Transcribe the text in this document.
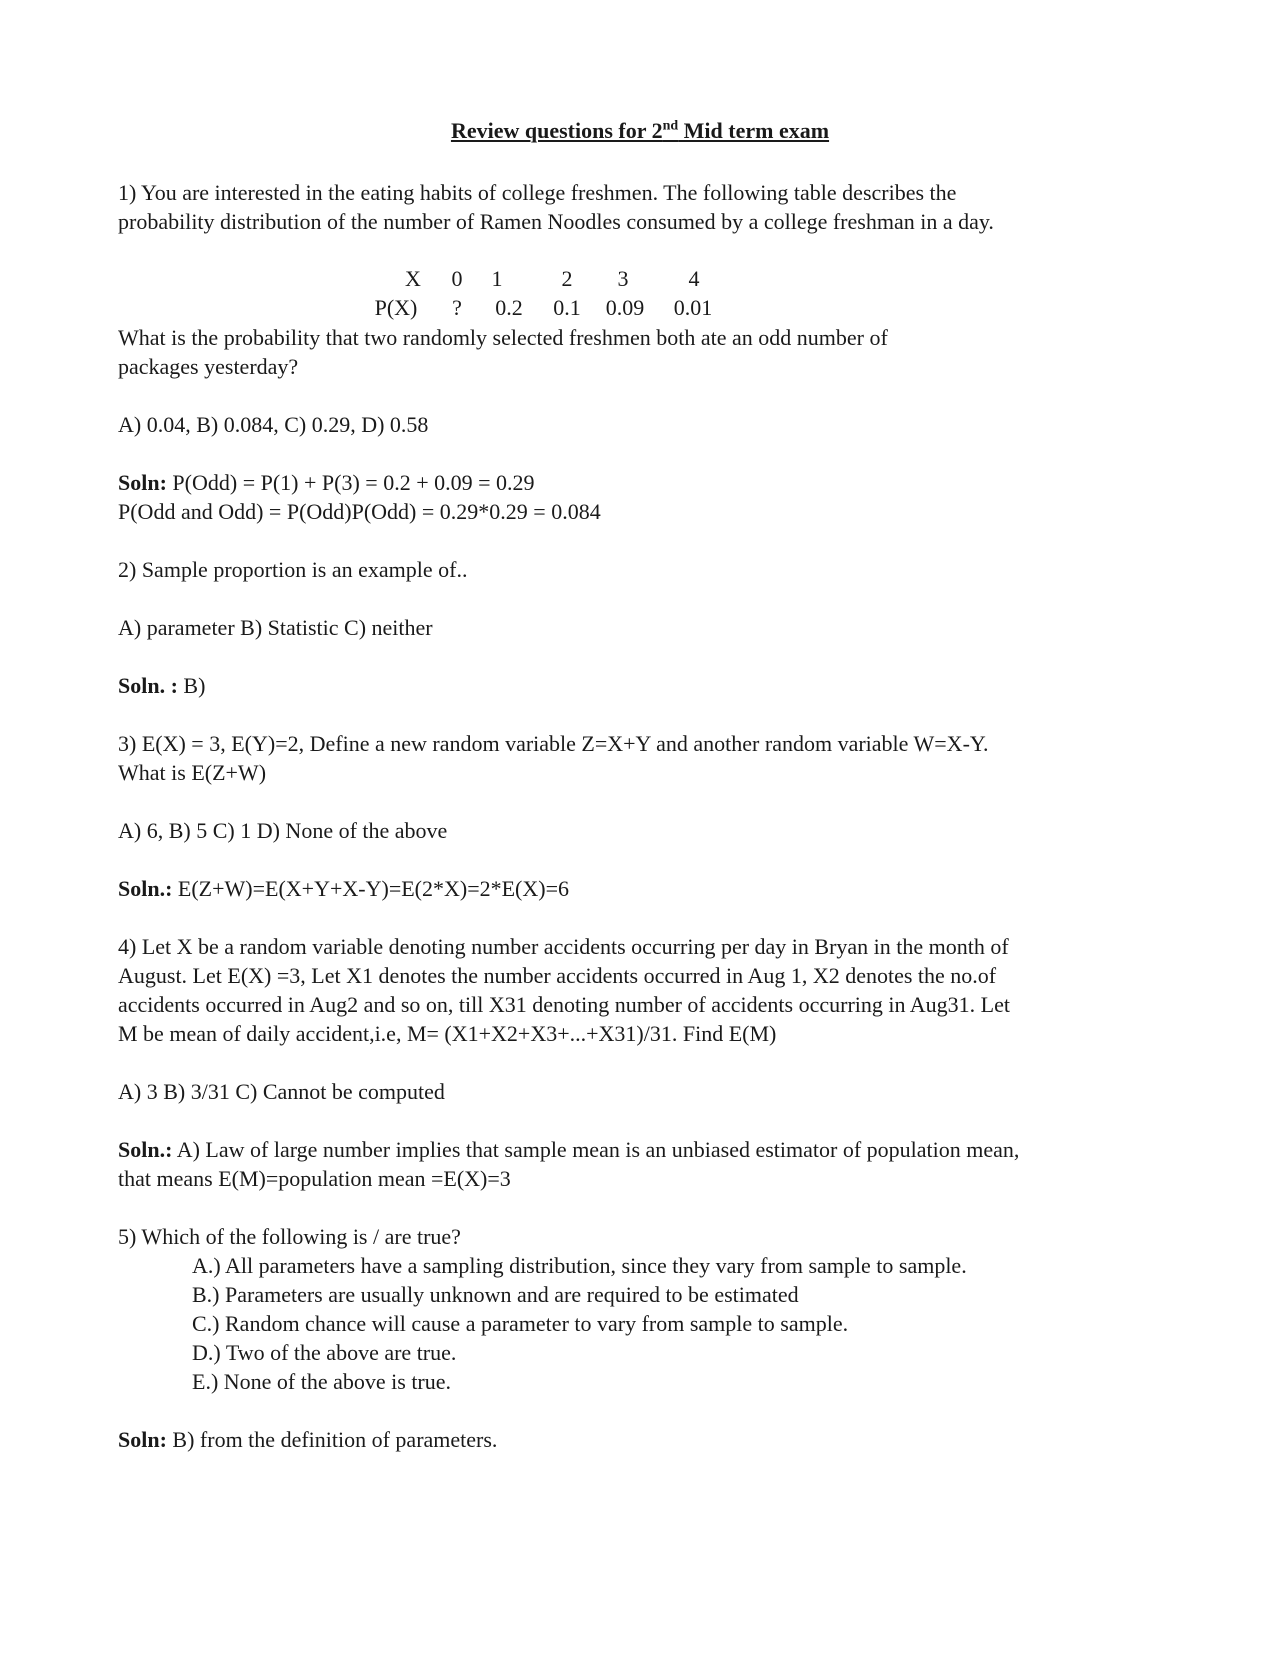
Review questions for 2nd Mid term exam
1) You are interested in the eating habits of college freshmen. The following table describes the
probability distribution of the number of Ramen Noodles consumed by a college freshman in a day.
X	0 1	2 3	4
P(X)	? 0.2 0.1 0.09 0.01
What is the probability that two randomly selected freshmen both ate an odd number of
packages yesterday?
A) 0.04, B) 0.084, C) 0.29, D) 0.58
Soln: P(Odd) = P(1) + P(3) = 0.2 + 0.09 = 0.29
P(Odd and Odd) = P(Odd)P(Odd) = 0.29*0.29 = 0.084
2) Sample proportion is an example of..
A) parameter B) Statistic C) neither
Soln. : B)
3) E(X) = 3, E(Y)=2, Define a new random variable Z=X+Y and another random variable W=X-Y.
What is E(Z+W)
A) 6, B) 5 C) 1 D) None of the above
Soln.: E(Z+W)=E(X+Y+X-Y)=E(2*X)=2*E(X)=6
4) Let X be a random variable denoting number accidents occurring per day in Bryan in the month of
August. Let E(X) =3, Let X1 denotes the number accidents occurred in Aug 1, X2 denotes the no.of
accidents occurred in Aug2 and so on, till X31 denoting number of accidents occurring in Aug31. Let
M be mean of daily accident,i.e, M= (X1+X2+X3+...+X31)/31. Find E(M)
A) 3 B) 3/31 C) Cannot be computed
Soln.: A) Law of large number implies that sample mean is an unbiased estimator of population mean,
that means E(M)=population mean =E(X)=3
5) Which of the following is / are true?
A.) All parameters have a sampling distribution, since they vary from sample to sample.
B.) Parameters are usually unknown and are required to be estimated
C.) Random chance will cause a parameter to vary from sample to sample.
D.) Two of the above are true.
E.) None of the above is true.
Soln: B) from the definition of parameters.
